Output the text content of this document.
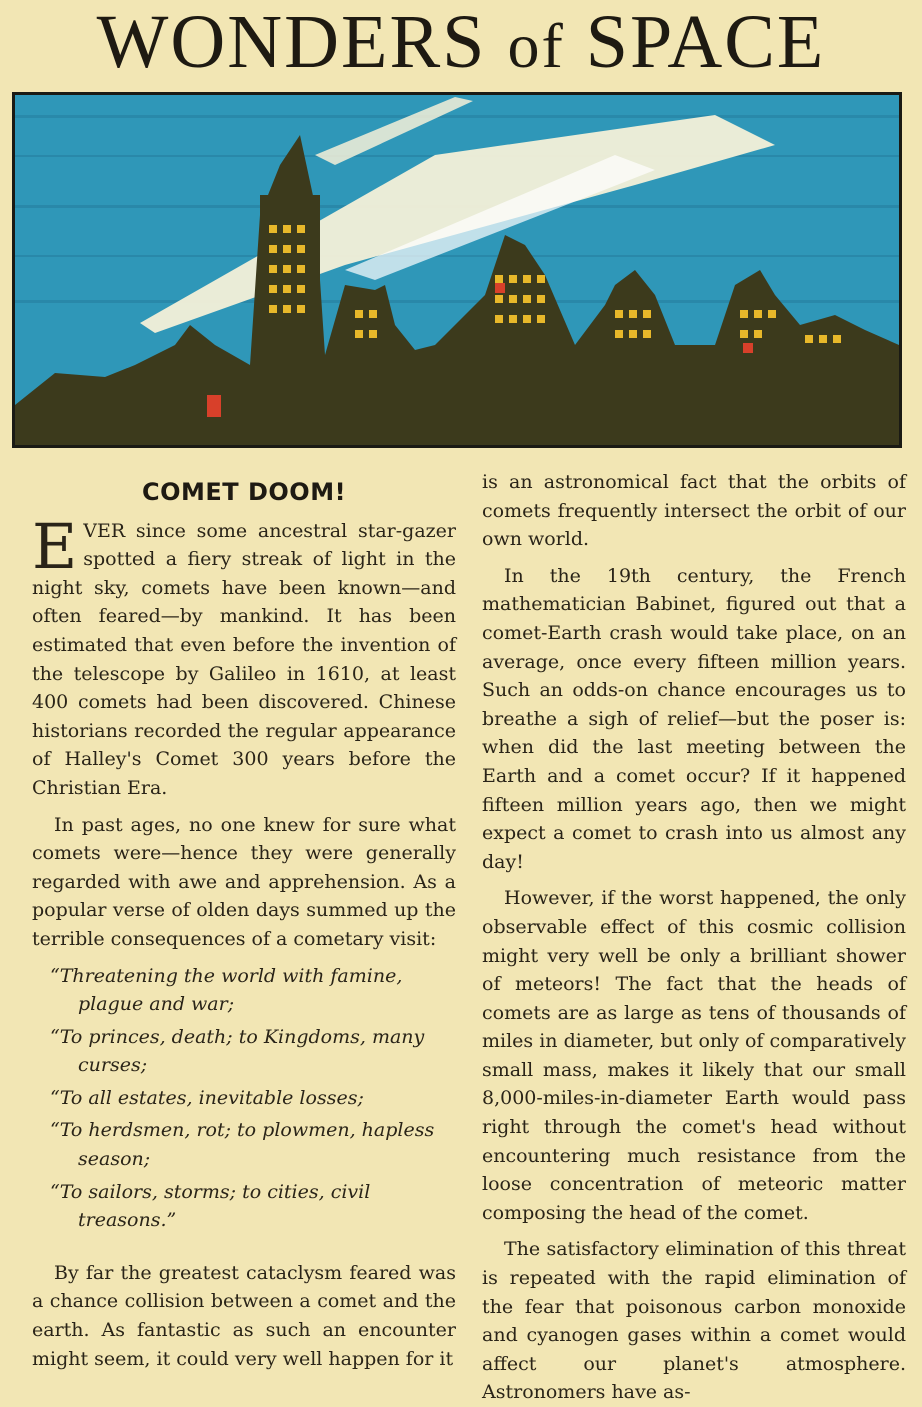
WONDERS of SPACE
COMET DOOM!

EVER since some ancestral star-gazer spotted a fiery streak of light in the night sky, comets have been known—and often feared—by mankind. It has been estimated that even before the invention of the telescope by Galileo in 1610, at least 400 comets had been discovered. Chinese historians recorded the regular appearance of Halley's Comet 300 years before the Christian Era.

In past ages, no one knew for sure what comets were—hence they were generally regarded with awe and apprehension. As a popular verse of olden days summed up the terrible consequences of a cometary visit:

“Threatening the world with famine, plague and war;

“To princes, death; to Kingdoms, many curses;

“To all estates, inevitable losses;

“To herdsmen, rot; to plowmen, hapless season;

“To sailors, storms; to cities, civil treasons.”

By far the greatest cataclysm feared was a chance collision between a comet and the earth. As fantastic as such an encounter might seem, it could very well happen for it

is an astronomical fact that the orbits of comets frequently intersect the orbit of our own world.

In the 19th century, the French mathematician Babinet, figured out that a comet-Earth crash would take place, on an average, once every fifteen million years. Such an odds-on chance encourages us to breathe a sigh of relief—but the poser is: when did the last meeting between the Earth and a comet occur? If it happened fifteen million years ago, then we might expect a comet to crash into us almost any day!

However, if the worst happened, the only observable effect of this cosmic collision might very well be only a brilliant shower of meteors! The fact that the heads of comets are as large as tens of thousands of miles in diameter, but only of comparatively small mass, makes it likely that our small 8,000-miles-in-diameter Earth would pass right through the comet's head without encountering much resistance from the loose concentration of meteoric matter composing the head of the comet.

The satisfactory elimination of this threat is repeated with the rapid elimination of the fear that poisonous carbon monoxide and cyanogen gases within a comet would affect our planet's atmosphere. Astronomers have as-
